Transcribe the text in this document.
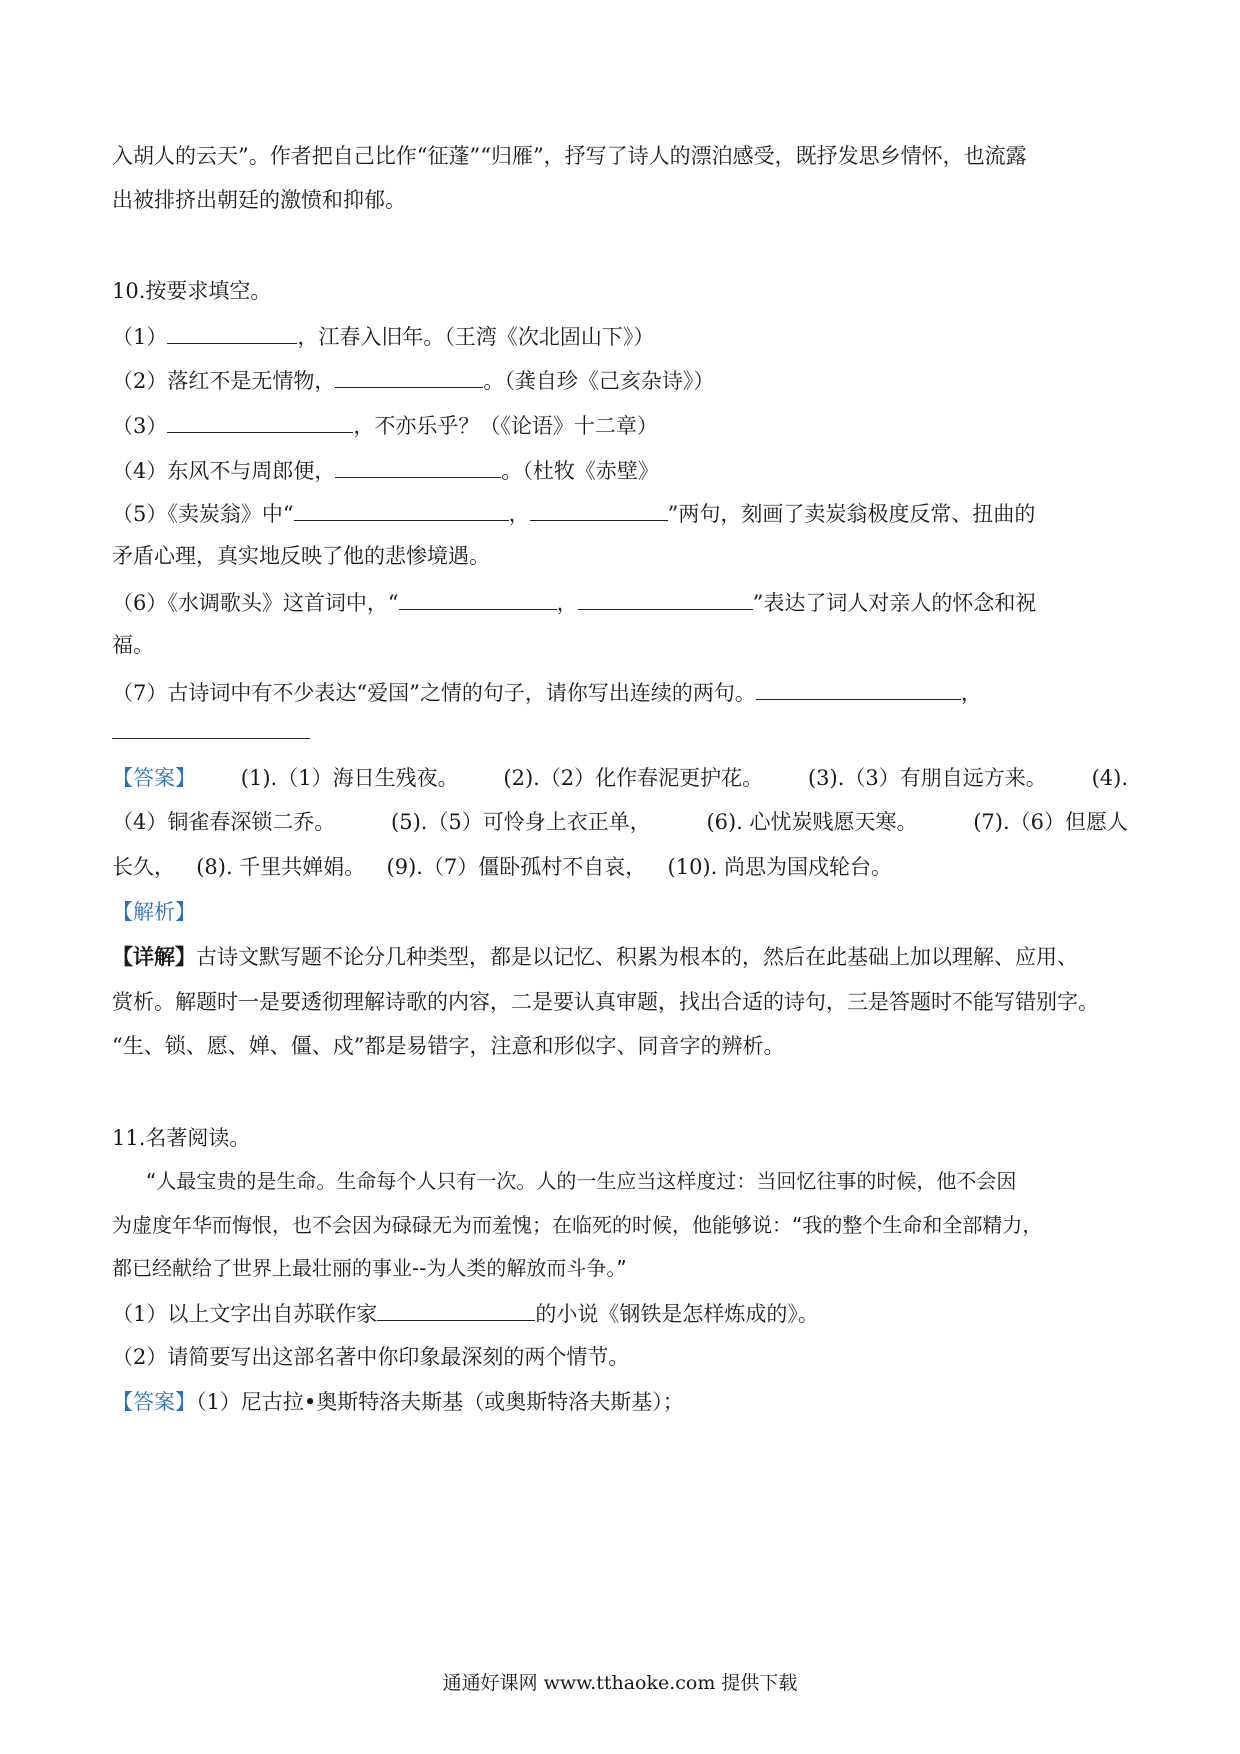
入胡人的云天”。作者把自己比作“征蓬”“归雁”，抒写了诗人的漂泊感受，既抒发思乡情怀，也流露
出被排挤出朝廷的激愤和抑郁。
10.按要求填空。
（1）	，江春入旧年。（王湾《次北固山下》）
（2）落红不是无情物，	。（龚自珍《己亥杂诗》）
（3）	，不亦乐乎？（《论语》十二章）
（4）东风不与周郎便，	。（杜牧《赤壁》
（5）《卖炭翁》中“	，	”两句，刻画了卖炭翁极度反常、扭曲的
矛盾心理，真实地反映了他的悲惨境遇。
（6）《水调歌头》这首词中，“	，	”表达了词人对亲人的怀念和祝
福。
（7）古诗词中有不少表达“爱国”之情的句子，请你写出连续的两句。	，
【答案】 (1).（1）海日生残夜。 (2).（2）化作春泥更护花。 (3).（3）有朋自远方来。 (4).
（4）铜雀春深锁二乔。	(5).（5）可怜身上衣正单，	(6). 心忧炭贱愿天寒。	(7).（6）但愿人
长久， (8). 千里共婵娟。 (9).（7）僵卧孤村不自哀， (10). 尚思为国戍轮台。
【解析】
【详解】古诗文默写题不论分几种类型，都是以记忆、积累为根本的，然后在此基础上加以理解、应用、
赏析。解题时一是要透彻理解诗歌的内容，二是要认真审题，找出合适的诗句，三是答题时不能写错别字。
“生、锁、愿、婵、僵、戍”都是易错字，注意和形似字、同音字的辨析。
11.名著阅读。
“人最宝贵的是生命。生命每个人只有一次。人的一生应当这样度过：当回忆往事的时候，他不会因
为虚度年华而悔恨，也不会因为碌碌无为而羞愧；在临死的时候，他能够说：“我的整个生命和全部精力，
都已经献给了世界上最壮丽的事业--为人类的解放而斗争。”
（1）以上文字出自苏联作家	的小说《钢铁是怎样炼成的》。
（2）请简要写出这部名著中你印象最深刻的两个情节。
【答案】（1）尼古拉•奥斯特洛夫斯基（或奥斯特洛夫斯基）；
通通好课网 www.tthaoke.com 提供下载
